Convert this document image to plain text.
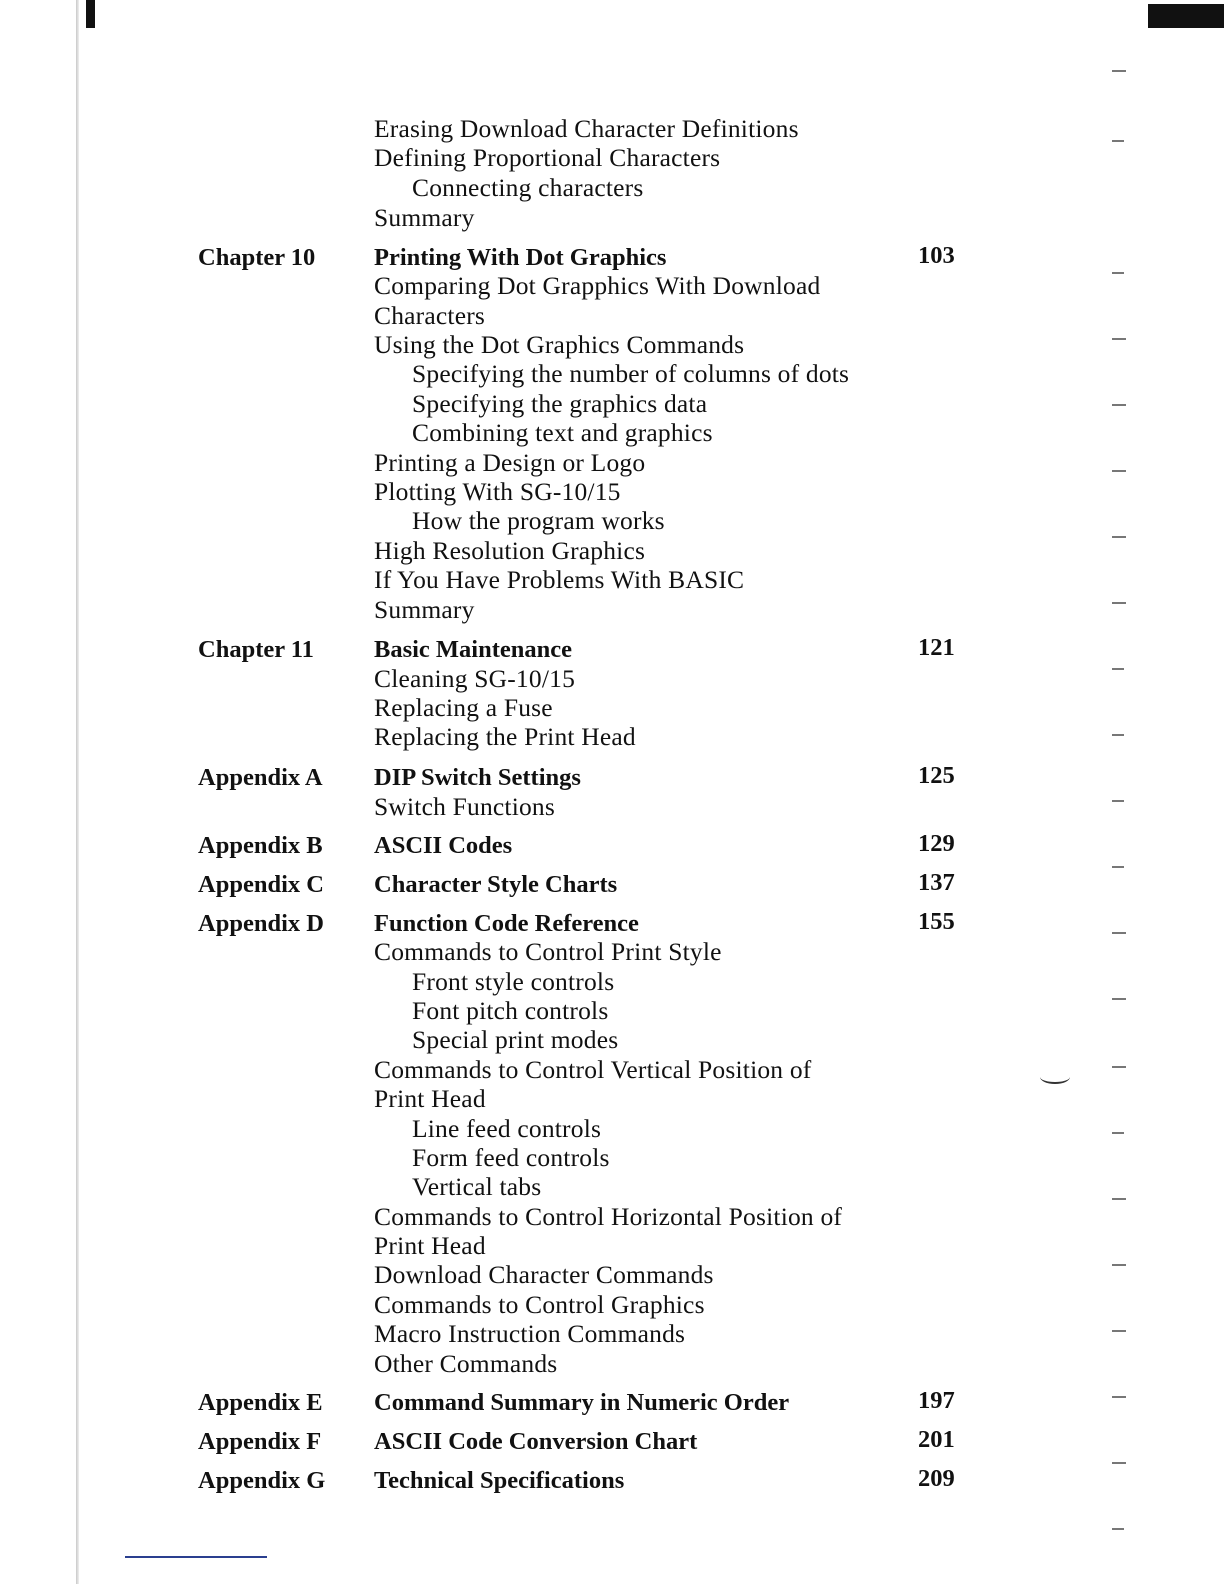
Erasing Download Character Definitions
Defining Proportional Characters
Connecting characters
Summary
Chapter 10 Printing With Dot Graphics	103
Comparing Dot Grapphics With Download
Characters
Using the Dot Graphics Commands
Specifying the number of columns of dots
Specifying the graphics data
Combining text and graphics
Printing a Design or Logo
Plotting With SG-10/15
How the program works
High Resolution Graphics
If You Have Problems With BASIC
Summary
Chapter 11 Basic Maintenance	121
Cleaning SG-10/15
Replacing a Fuse
Replacing the Print Head
Appendix A DIP Switch Settings	125
Switch Functions
Appendix B ASCII Codes	129
Appendix C Character Style Charts	137
Appendix D Function Code Reference	155
Commands to Control Print Style
Front style controls
Font pitch controls
Special print modes
Commands to Control Vertical Position of
Print Head
Line feed controls
Form feed controls
Vertical tabs
Commands to Control Horizontal Position of
Print Head
Download Character Commands
Commands to Control Graphics
Macro Instruction Commands
Other Commands
Appendix E Command Summary in Numeric Order	197
Appendix F ASCII Code Conversion Chart	201
Appendix G Technical Specifications	209
